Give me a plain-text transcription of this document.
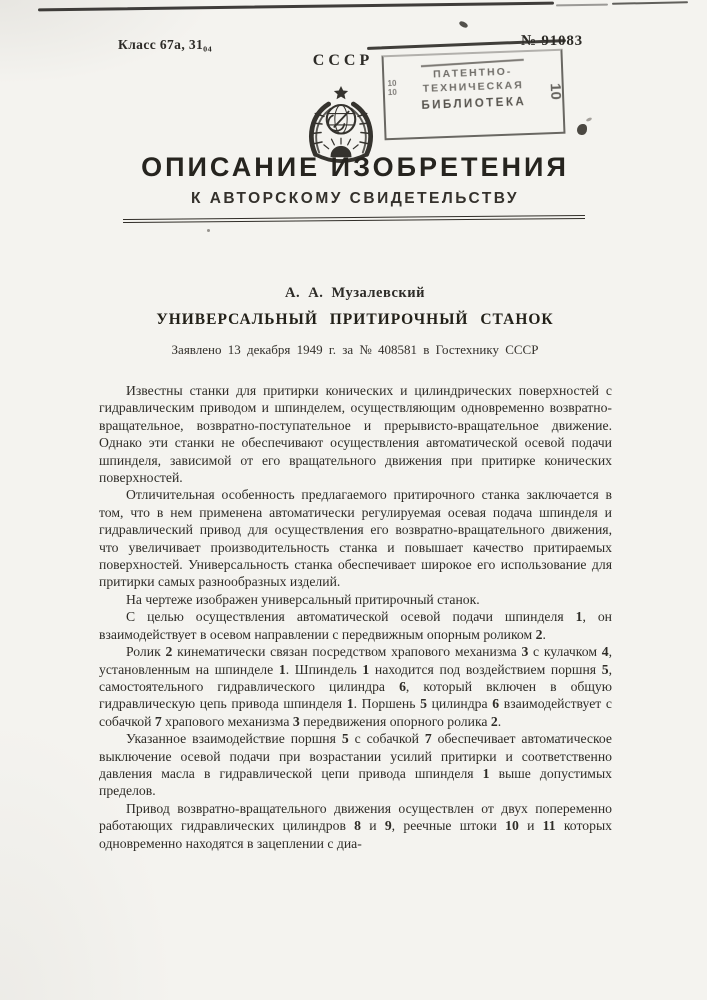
Класс 67а, 31₀₄	№ 91083
СССР
ПАТЕНТНО-
ТЕХНИЧЕСКАЯ
БИБЛИОТЕКА
10
10	10
ОПИСАНИЕ ИЗОБРЕТЕНИЯ
К АВТОРСКОМУ СВИДЕТЕЛЬСТВУ
А. А. Музалевский
УНИВЕРСАЛЬНЫЙ ПРИТИРОЧНЫЙ СТАНОК
Заявлено 13 декабря 1949 г. за № 408581 в Гостехнику СССР

Известны станки для притирки конических и цилиндрических поверхностей с гидравлическим приводом и шпинделем, осуществляющим одновременно возвратно-вращательное, возвратно-поступательное и прерывисто-вращательное движение. Однако эти станки не обеспечивают осуществления автоматической осевой подачи шпинделя, зависимой от его вращательного движения при притирке конических поверхностей.

Отличительная особенность предлагаемого притирочного станка заключается в том, что в нем применена автоматически регулируемая осевая подача шпинделя и гидравлический привод для осуществления его возвратно-вращательного движения, что увеличивает производительность станка и повышает качество притираемых поверхностей. Универсальность станка обеспечивает широкое его использование для притирки самых разнообразных изделий.

На чертеже изображен универсальный притирочный станок.

С целью осуществления автоматической осевой подачи шпинделя 1, он взаимодействует в осевом направлении с передвижным опорным роликом 2.

Ролик 2 кинематически связан посредством храпового механизма 3 с кулачком 4, установленным на шпинделе 1. Шпиндель 1 находится под воздействием поршня 5, самостоятельного гидравлического цилиндра 6, который включен в общую гидравлическую цепь привода шпинделя 1. Поршень 5 цилиндра 6 взаимодействует с собачкой 7 храпового механизма 3 передвижения опорного ролика 2.

Указанное взаимодействие поршня 5 с собачкой 7 обеспечивает автоматическое выключение осевой подачи при возрастании усилий притирки и соответственно давления масла в гидравлической цепи привода шпинделя 1 выше допустимых пределов.

Привод возвратно-вращательного движения осуществлен от двух попеременно работающих гидравлических цилиндров 8 и 9, реечные штоки 10 и 11 которых одновременно находятся в зацеплении с диа-
